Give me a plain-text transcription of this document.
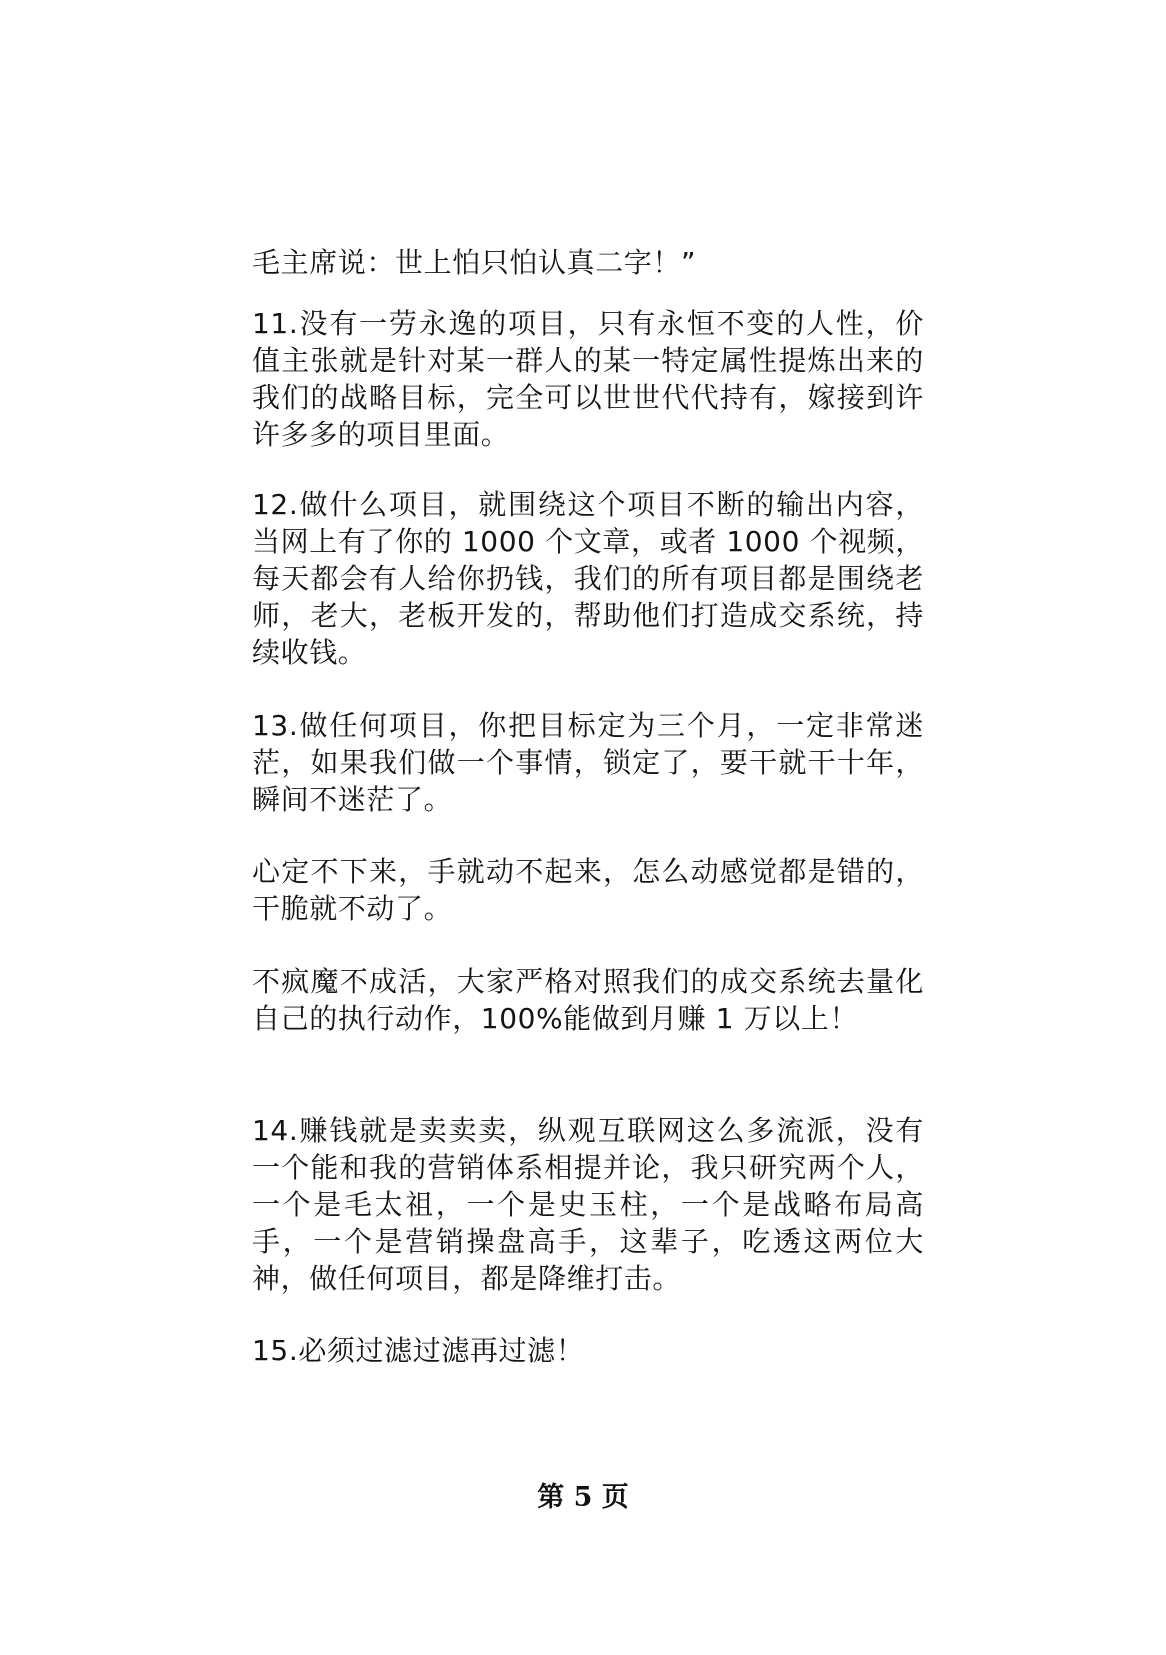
毛主席说：世上怕只怕认真二字！”

11.没有一劳永逸的项目，只有永恒不变的人性，价值主张就是针对某一群人的某一特定属性提炼出来的我们的战略目标，完全可以世世代代持有，嫁接到许许多多的项目里面。

12.做什么项目，就围绕这个项目不断的输出内容，当网上有了你的 1000 个文章，或者 1000 个视频，每天都会有人给你扔钱，我们的所有项目都是围绕老师，老大，老板开发的，帮助他们打造成交系统，持续收钱。

13.做任何项目，你把目标定为三个月，一定非常迷茫，如果我们做一个事情，锁定了，要干就干十年，瞬间不迷茫了。

心定不下来，手就动不起来，怎么动感觉都是错的，干脆就不动了。

不疯魔不成活，大家严格对照我们的成交系统去量化自己的执行动作，100%能做到月赚 1 万以上！

14.赚钱就是卖卖卖，纵观互联网这么多流派，没有一个能和我的营销体系相提并论，我只研究两个人，一个是毛太祖，一个是史玉柱，一个是战略布局高手，一个是营销操盘高手，这辈子，吃透这两位大神，做任何项目，都是降维打击。

15.必须过滤过滤再过滤！

第 5 页
